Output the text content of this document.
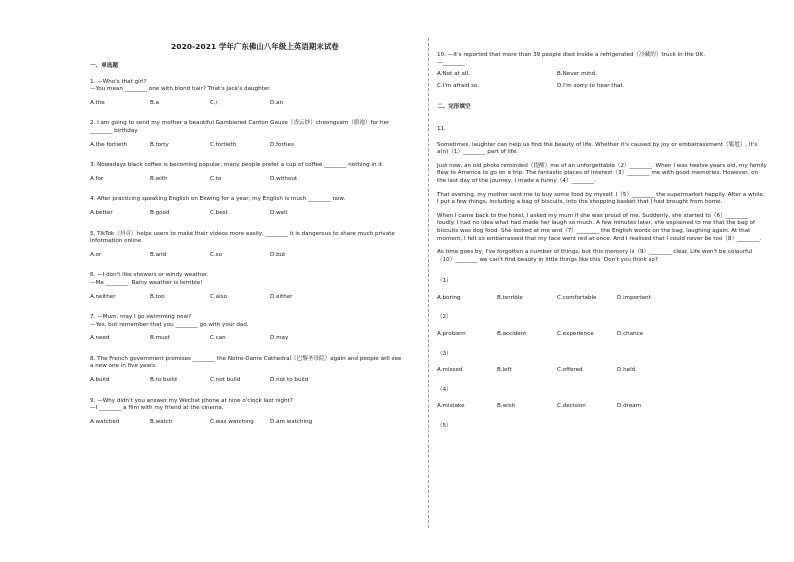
2020-2021 学年广东佛山八年级上英语期末试卷
一、单选题
1. —Who's that girl?
—You mean ________ one with blond hair? That's Jack's daughter.
A.the	B.a	C./	D.an
2. I am going to send my mother a beautiful Gambiered Canton Gauze（香云纱）cheongsam（旗袍）for her
________ birthday.
A.the fortieth	B.forty	C.fortieth	D.forties
3. Nowadays black coffee is becoming popular, many people prefer a cup of coffee ________ nothing in it.
A.for	B.with	C.to	D.without
4. After practicing speaking English on Ekwing for a year, my English is much ________ now.
A.better	B.good	C.best	D.well
5. TikTok（抖音）helps users to make their videos more easily, ________ it is dangerous to share much private
information online.
A.or	B.and	C.so	D.but
6. —I don't like showers or windy weather.
—Me ________. Rainy weather is terrible!
A.neither	B.too	C.also	D.either
7. —Mum, may I go swimming now?
—Yes, but remember that you ________ go with your dad.
A.need	B.must	C.can	D.may
8. The French government promises ________ the Notre-Dame Cathedral（巴黎圣母院）again and people will see
a new one in five years.
A.build	B.to build	C.not build	D.not to build
9. —Why didn't you answer my Wechat phone at nine o'clock last night?
—I ________ a film with my friend at the cinema.
A.watched	B.watch	C.was watching	D.am watching
10. —It's reported that more than 39 people died inside a refrigerated（冷藏的）truck in the UK.
—________
A.Not at all.	B.Never mind.
C.I'm afraid so.	D.I'm sorry to hear that.
二、完形填空
11.
Sometimes, laughter can help us find the beauty of life. Whether it's caused by joy or embarrassment（尴尬）, it's a(n)（1）________ part of life.
Just now, an old photo reminded（提醒）me of an unforgettable（2）________. When I was twelve years old, my family flew to America to go on a trip. The fantastic places of interest（3）________ me with good memories. However, on the last day of the journey, I made a funny（4）________.
That evening, my mother sent me to buy some food by myself. I（5）________ the supermarket happily. After a while, I put a few things, including a bag of biscuits, into the shopping basket that I had brought from home.
When I came back to the hotel, I asked my mum if she was proud of me. Suddenly, she started to（6）________ loudly. I had no idea what had made her laugh so much. A few minutes later, she explained to me that the bag of biscuits was dog food. She looked at me and（7）________ the English words on the bag, laughing again. At that moment, I felt so embarrassed that my face went red at once. And I realised that I could never be too（8）________.
As time goes by, I've forgotten a number of things, but this memory is（9）________ clear. Life won't be colourful（10）________ we can't find beauty in little things like this. Don't you think so?
（1）
A.boring	B.terrible	C.comfortable	D.important
（2）
A.problem	B.accident	C.experience	D.chance
（3）
A.missed	B.left	C.offered	D.held
（4）
A.mistake	B.wish	C.decision	D.dream
（5）
